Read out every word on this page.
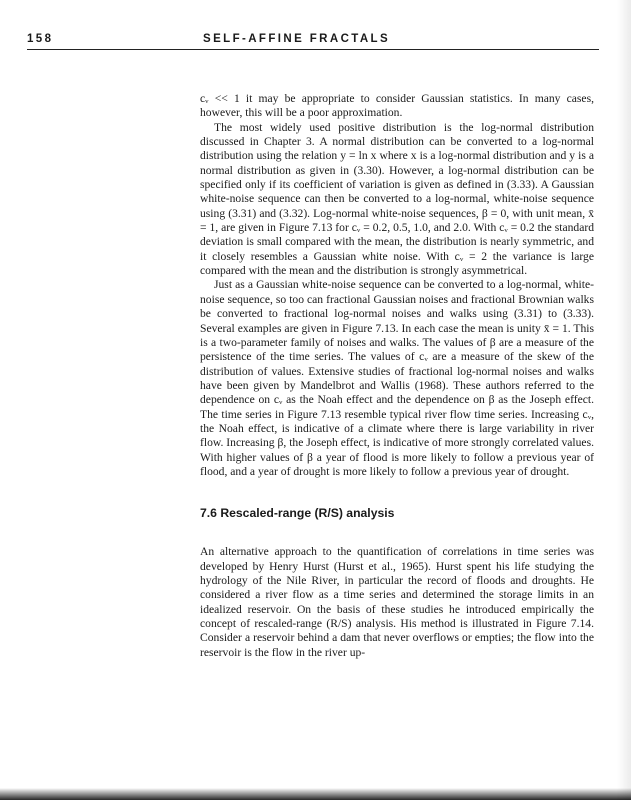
158	SELF-AFFINE FRACTALS

cᵥ << 1 it may be appropriate to consider Gaussian statistics. In many cases, however, this will be a poor approximation.

The most widely used positive distribution is the log-normal distribution discussed in Chapter 3. A normal distribution can be converted to a log-normal distribution using the relation y = ln x where x is a log-normal distribution and y is a normal distribution as given in (3.30). However, a log-normal distribution can be specified only if its coefficient of variation is given as defined in (3.33). A Gaussian white-noise sequence can then be converted to a log-normal, white-noise sequence using (3.31) and (3.32). Log-normal white-noise sequences, β = 0, with unit mean, x̄ = 1, are given in Figure 7.13 for cᵥ = 0.2, 0.5, 1.0, and 2.0. With cᵥ = 0.2 the standard deviation is small compared with the mean, the distribution is nearly symmetric, and it closely resembles a Gaussian white noise. With cᵥ = 2 the variance is large compared with the mean and the distribution is strongly asymmetrical.

Just as a Gaussian white-noise sequence can be converted to a log-normal, white-noise sequence, so too can fractional Gaussian noises and fractional Brownian walks be converted to fractional log-normal noises and walks using (3.31) to (3.33). Several examples are given in Figure 7.13. In each case the mean is unity x̄ = 1. This is a two-parameter family of noises and walks. The values of β are a measure of the persistence of the time series. The values of cᵥ are a measure of the skew of the distribution of values. Extensive studies of fractional log-normal noises and walks have been given by Mandelbrot and Wallis (1968). These authors referred to the dependence on cᵥ as the Noah effect and the dependence on β as the Joseph effect. The time series in Figure 7.13 resemble typical river flow time series. Increasing cᵥ, the Noah effect, is indicative of a climate where there is large variability in river flow. Increasing β, the Joseph effect, is indicative of more strongly correlated values. With higher values of β a year of flood is more likely to follow a previous year of flood, and a year of drought is more likely to follow a previous year of drought.

7.6 Rescaled-range (R/S) analysis

An alternative approach to the quantification of correlations in time series was developed by Henry Hurst (Hurst et al., 1965). Hurst spent his life studying the hydrology of the Nile River, in particular the record of floods and droughts. He considered a river flow as a time series and determined the storage limits in an idealized reservoir. On the basis of these studies he introduced empirically the concept of rescaled-range (R/S) analysis. His method is illustrated in Figure 7.14. Consider a reservoir behind a dam that never overflows or empties; the flow into the reservoir is the flow in the river up-
